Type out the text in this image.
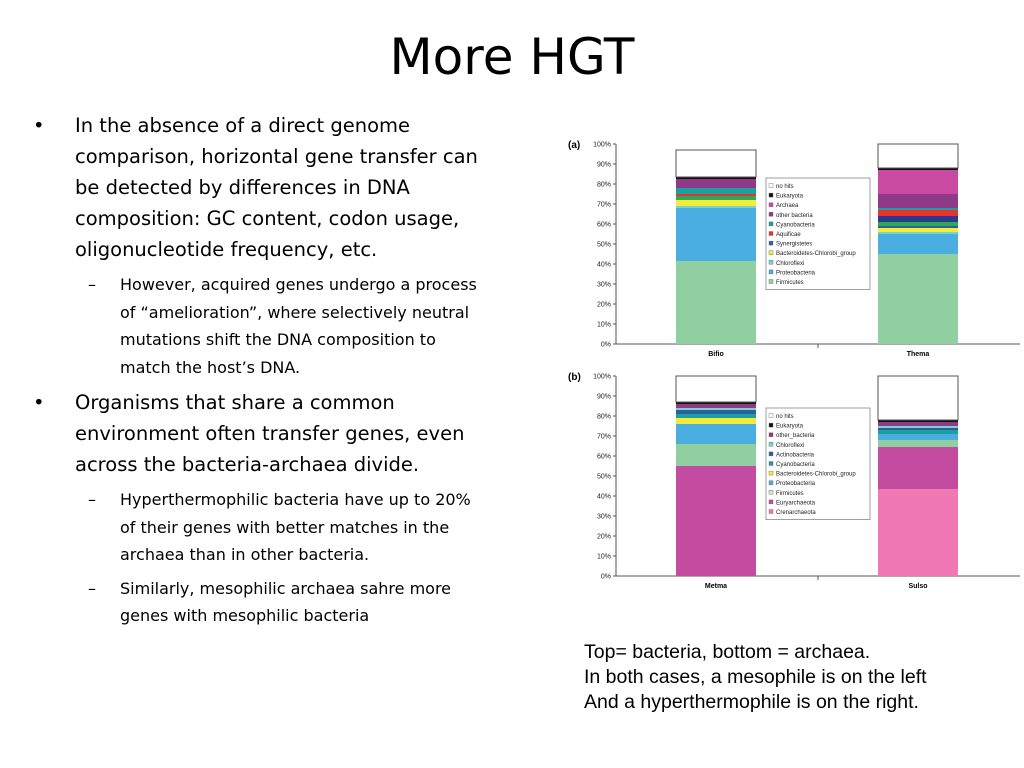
More HGT
• In the absence of a direct genome comparison, horizontal gene transfer can be detected by differences in DNA composition: GC content, codon usage, oligonucleotide frequency, etc.
– However, acquired genes undergo a process of “amelioration”, where selectively neutral mutations shift the DNA composition to match the host’s DNA.
• Organisms that share a common environment often transfer genes, even across the bacteria-archaea divide.
– Hyperthermophilic bacteria have up to 20% of their genes with better matches in the archaea than in other bacteria.
– Similarly, mesophilic archaea sahre more genes with mesophilic bacteria
(a) 100%
90%
80%
70%
60%
50%
40%
30%
20%
10%
0%
Bifio	Thema
no hits
Eukaryota
Archaea
other bacteria
Cyanobacteria
Aquificae
Synergistetes
Bacteroidetes-Chlorobi_group
Chloroflexi
Proteobacteria
Firmicutes
(b) 100%
90%
80%
70%
60%
50%
40%
30%
20%
10%
0%
Metma	Sulso
no hits
Eukaryota
other_bacteria
Chloroflexi
Actinobacteria
Cyanobacteria
Bacteroidetes-Chlorobi_group
Proteobacteria
Firmicutes
Euryarchaeota
Crenarchaeota
Top= bacteria, bottom = archaea.
In both cases, a mesophile is on the left
And a hyperthermophile is on the right.
